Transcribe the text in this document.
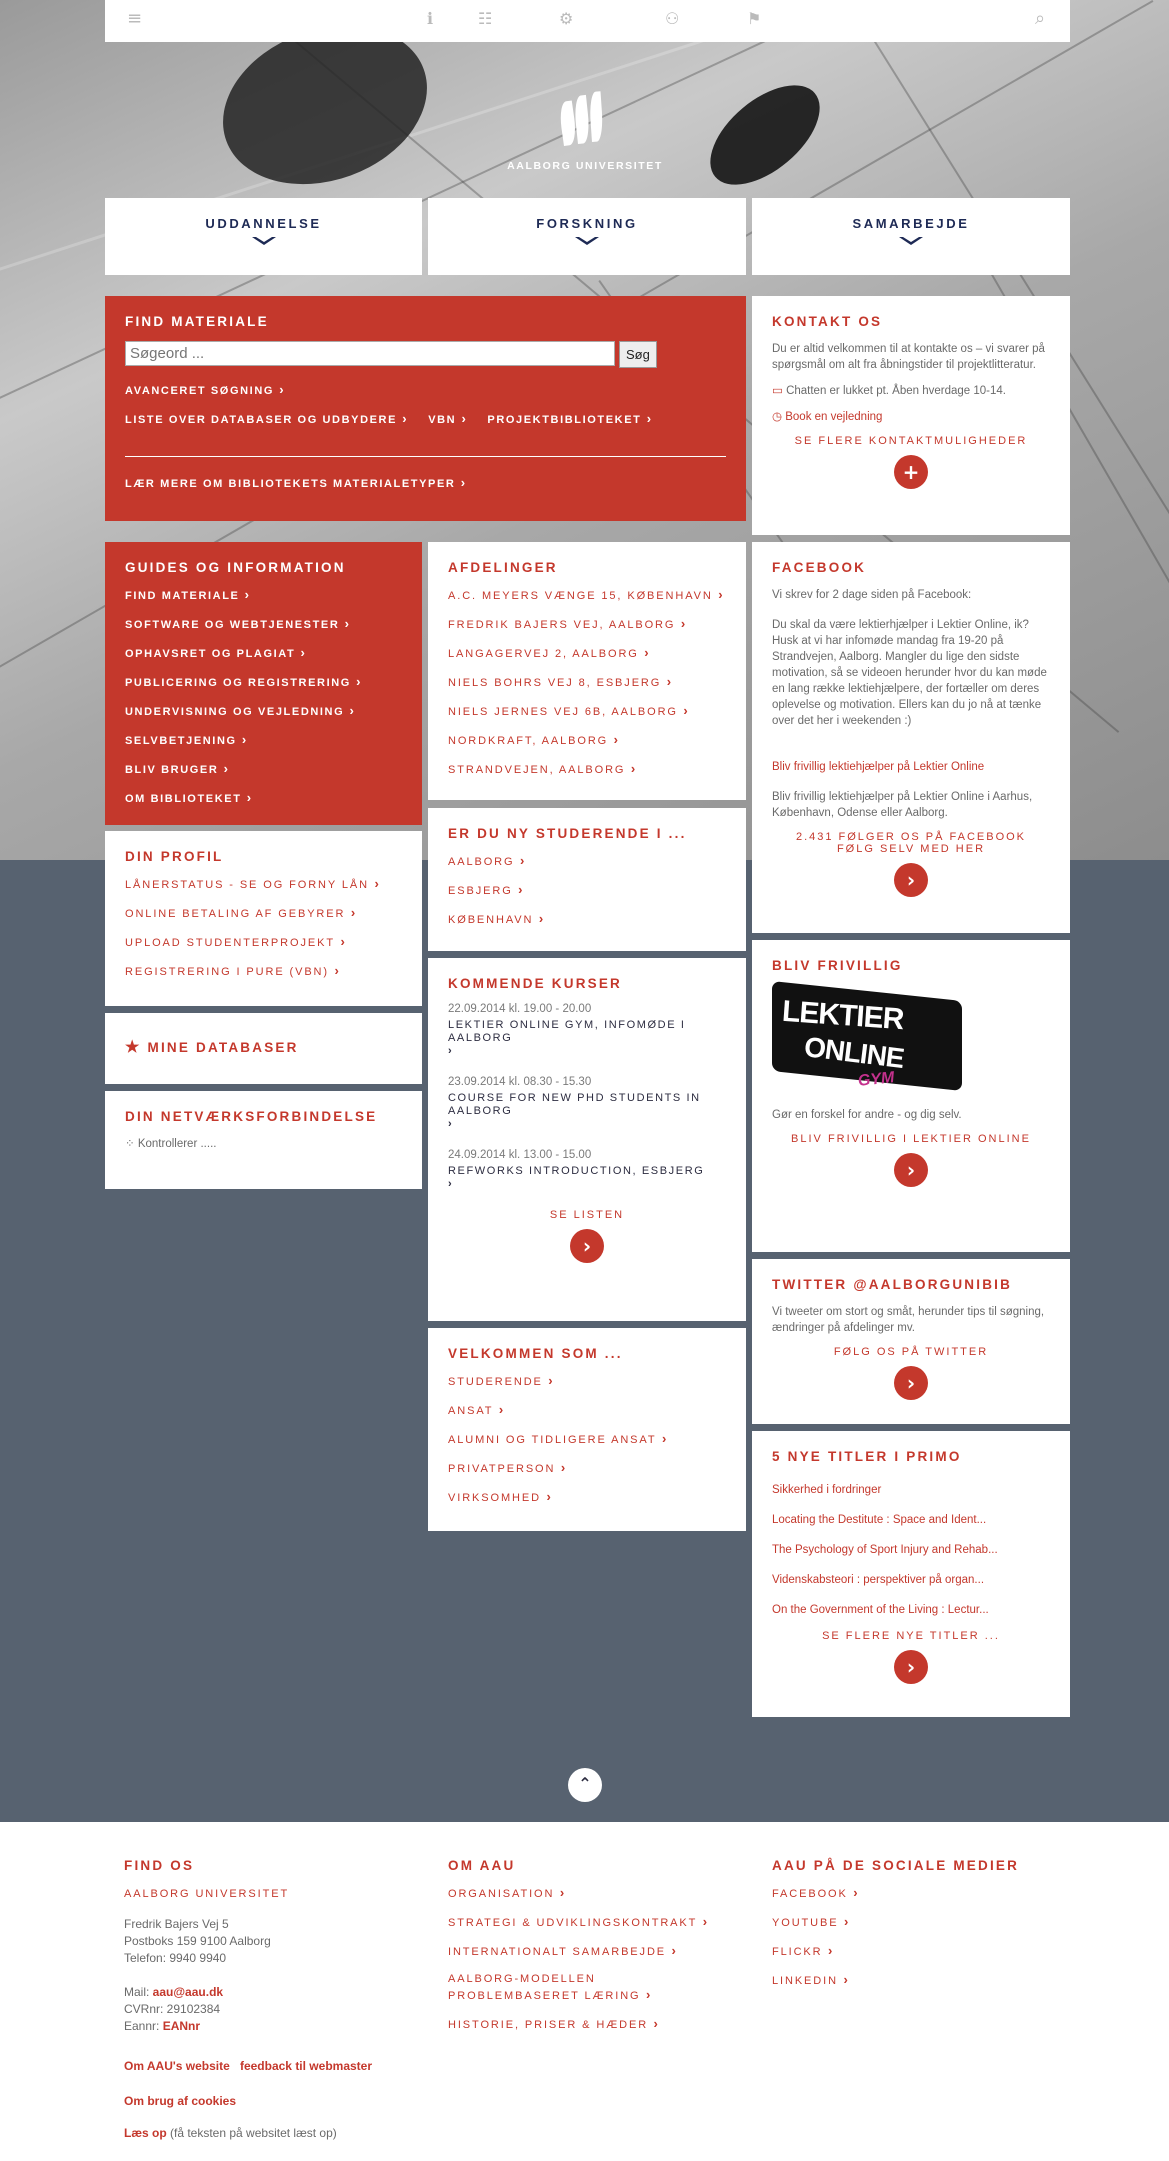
≡	ℹ	☷	⚙	⚇	⚑	⌕
AALBORG UNIVERSITET
UDDANNELSE	FORSKNING	SAMARBEJDE
FIND MATERIALE
Søgeord ...
Søg
AVANCERET SØGNING ›
LISTE OVER DATABASER OG UDBYDERE ›	VBN ›	PROJEKTBIBLIOTEKET ›
LÆR MERE OM BIBLIOTEKETS MATERIALETYPER ›
KONTAKT OS
Du er altid velkommen til at kontakte os – vi svarer på spørgsmål om alt fra åbningstider til projektlitteratur.
▭ Chatten er lukket pt. Åben hverdage 10-14.
◷ Book en vejledning
SE FLERE KONTAKTMULIGHEDER
+
GUIDES OG INFORMATION
FIND MATERIALE ›
SOFTWARE OG WEBTJENESTER ›
OPHAVSRET OG PLAGIAT ›
PUBLICERING OG REGISTRERING ›
UNDERVISNING OG VEJLEDNING ›
SELVBETJENING ›
BLIV BRUGER ›
OM BIBLIOTEKET ›
AFDELINGER
A.C. MEYERS VÆNGE 15, KØBENHAVN ›
FREDRIK BAJERS VEJ, AALBORG ›
LANGAGERVEJ 2, AALBORG ›
NIELS BOHRS VEJ 8, ESBJERG ›
NIELS JERNES VEJ 6B, AALBORG ›
NORDKRAFT, AALBORG ›
STRANDVEJEN, AALBORG ›
FACEBOOK
Vi skrev for 2 dage siden på Facebook:
Du skal da være lektierhjælper i Lektier Online, ik? Husk at vi har infomøde mandag fra 19-20 på Strandvejen, Aalborg. Mangler du lige den sidste motivation, så se videoen herunder hvor du kan møde en lang række lektiehjælpere, der fortæller om deres oplevelse og motivation. Ellers kan du jo nå at tænke over det her i weekenden :)
Bliv frivillig lektiehjælper på Lektier Online
Bliv frivillig lektiehjælper på Lektier Online i Aarhus, København, Odense eller Aalborg.
2.431 FØLGER OS PÅ FACEBOOK
FØLG SELV MED HER
›
ER DU NY STUDERENDE I ...
AALBORG ›
ESBJERG ›
KØBENHAVN ›
DIN PROFIL
LÅNERSTATUS - SE OG FORNY LÅN ›
ONLINE BETALING AF GEBYRER ›
UPLOAD STUDENTERPROJEKT ›
REGISTRERING I PURE (VBN) ›
★ MINE DATABASER
DIN NETVÆRKSFORBINDELSE
⁘ Kontrollerer .....
KOMMENDE KURSER
22.09.2014 kl. 19.00 - 20.00
LEKTIER ONLINE GYM, INFOMØDE I AALBORG ›
23.09.2014 kl. 08.30 - 15.30
COURSE FOR NEW PHD STUDENTS IN AALBORG ›
24.09.2014 kl. 13.00 - 15.00
REFWORKS INTRODUCTION, ESBJERG ›
SE LISTEN
›
BLIV FRIVILLIG
LEKTIER
ONLINE
GYM
Gør en forskel for andre - og dig selv.
BLIV FRIVILLIG I LEKTIER ONLINE
›
VELKOMMEN SOM ...
STUDERENDE ›
ANSAT ›
ALUMNI OG TIDLIGERE ANSAT ›
PRIVATPERSON ›
VIRKSOMHED ›
TWITTER @AALBORGUNIBIB
Vi tweeter om stort og småt, herunder tips til søgning, ændringer på afdelinger mv.
FØLG OS PÅ TWITTER
›
5 NYE TITLER I PRIMO
Sikkerhed i fordringer
Locating the Destitute : Space and Ident...
The Psychology of Sport Injury and Rehab...
Videnskabsteori : perspektiver på organ...
On the Government of the Living : Lectur...
SE FLERE NYE TITLER ...
›
⌃
FIND OS
AALBORG UNIVERSITET
Fredrik Bajers Vej 5
Postboks 159 9100 Aalborg
Telefon: 9940 9940
Mail: aau@aau.dk
CVRnr: 29102384
Eannr: EANnr
Om AAU's website feedback til webmaster
Om brug af cookies
Læs op (få teksten på websitet læst op)
OM AAU
ORGANISATION ›
STRATEGI & UDVIKLINGSKONTRAKT ›
INTERNATIONALT SAMARBEJDE ›
AALBORG-MODELLEN PROBLEMBASERET LÆRING ›
HISTORIE, PRISER & HÆDER ›
AAU PÅ DE SOCIALE MEDIER
FACEBOOK ›
YOUTUBE ›
FLICKR ›
LINKEDIN ›
